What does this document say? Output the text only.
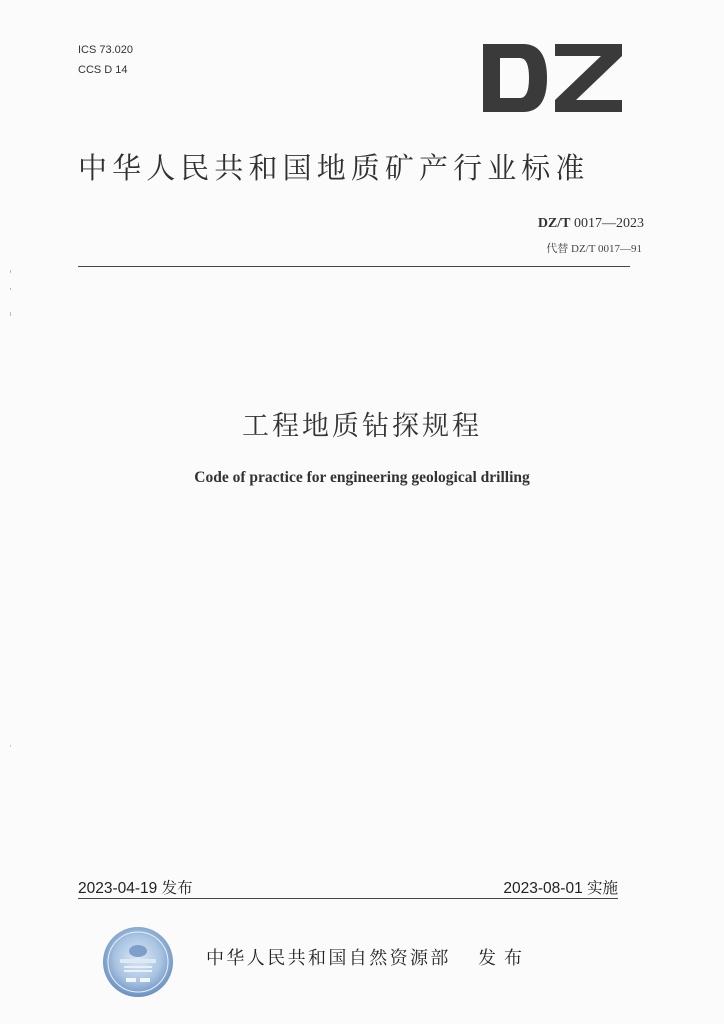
ICS 73.020
CCS D 14
中华人民共和国地质矿产行业标准
DZ/T 0017—2023
代替 DZ/T 0017—91
工程地质钻探规程
Code of practice for engineering geological drilling
2023-04-19 发布	2023-08-01 实施
中华人民共和国自然资源部 发布
